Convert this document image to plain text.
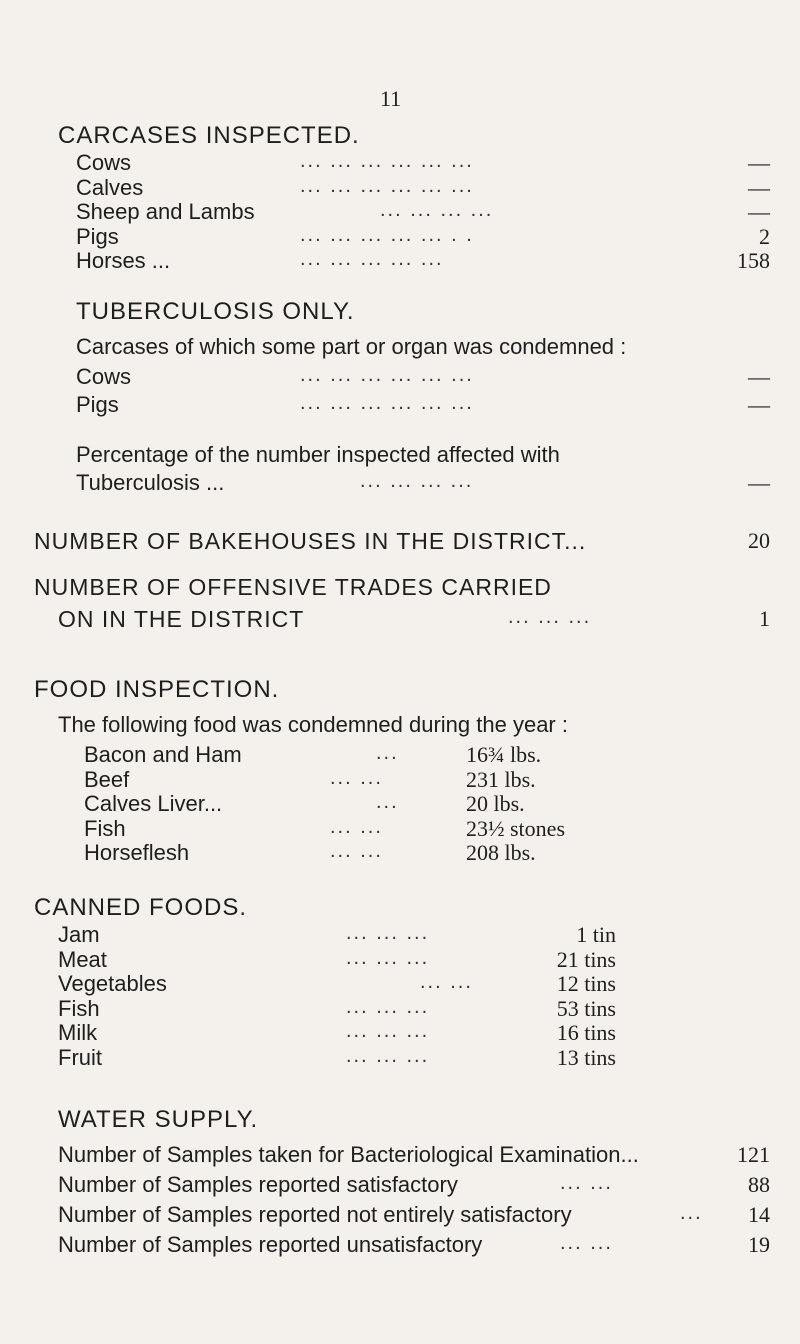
11
CARCASES INSPECTED.
Cows	... ... ... ... ... ...	—
Calves	... ... ... ... ... ...	—
Sheep and Lambs	... ... ... ...	—
Pigs	... ... ... ... ... . .	2
Horses ...	... ... ... ... ...	158
TUBERCULOSIS ONLY.
Carcases of which some part or organ was condemned :
Cows	... ... ... ... ... ...	—
Pigs	... ... ... ... ... ...	—
Percentage of the number inspected affected with
Tuberculosis ...	... ... ... ...	—
NUMBER OF BAKEHOUSES IN THE DISTRICT...	20
NUMBER OF OFFENSIVE TRADES CARRIED
ON IN THE DISTRICT	... ... ...	1
FOOD INSPECTION.
The following food was condemned during the year :
Bacon and Ham	...	16¾ lbs.
Beef	... ...	231 lbs.
Calves Liver...	...	20 lbs.
Fish	... ...	23½ stones
Horseflesh	... ...	208 lbs.
CANNED FOODS.
Jam	... ... ...	1 tin
Meat	... ... ...	21 tins
Vegetables	... ...	12 tins
Fish	... ... ...	53 tins
Milk	... ... ...	16 tins
Fruit	... ... ...	13 tins
WATER SUPPLY.
Number of Samples taken for Bacteriological Examination...	121
Number of Samples reported satisfactory	... ...	88
Number of Samples reported not entirely satisfactory	... 14
Number of Samples reported unsatisfactory	... ...	19
